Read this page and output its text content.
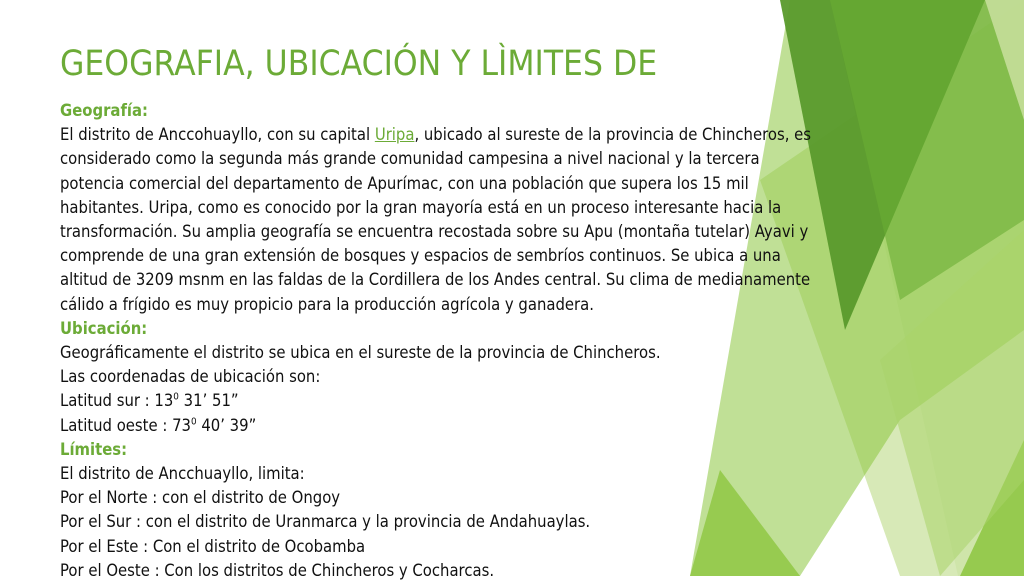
GEOGRAFIA, UBICACIÓN Y LÌMITES DE
Geografía:
El distrito de Anccohuayllo, con su capital Uripa, ubicado al sureste de la provincia de Chincheros, es
considerado como la segunda más grande comunidad campesina a nivel nacional y la tercera
potencia comercial del departamento de Apurímac, con una población que supera los 15 mil
habitantes. Uripa, como es conocido por la gran mayoría está en un proceso interesante hacia la
transformación. Su amplia geografía se encuentra recostada sobre su Apu (montaña tutelar) Ayavi y
comprende de una gran extensión de bosques y espacios de sembríos continuos. Se ubica a una
altitud de 3209 msnm en las faldas de la Cordillera de los Andes central. Su clima de medianamente
cálido a frígido es muy propicio para la producción agrícola y ganadera.
Ubicación:
Geográficamente el distrito se ubica en el sureste de la provincia de Chincheros.
Las coordenadas de ubicación son:
Latitud sur : $13^0$ 31’ 51”
Latitud oeste : $73^0$ 40’ 39”
Límites:
El distrito de Ancchuayllo, limita:
Por el Norte : con el distrito de Ongoy
Por el Sur : con el distrito de Uranmarca y la provincia de Andahuaylas.
Por el Este : Con el distrito de Ocobamba
Por el Oeste : Con los distritos de Chincheros y Cocharcas.
